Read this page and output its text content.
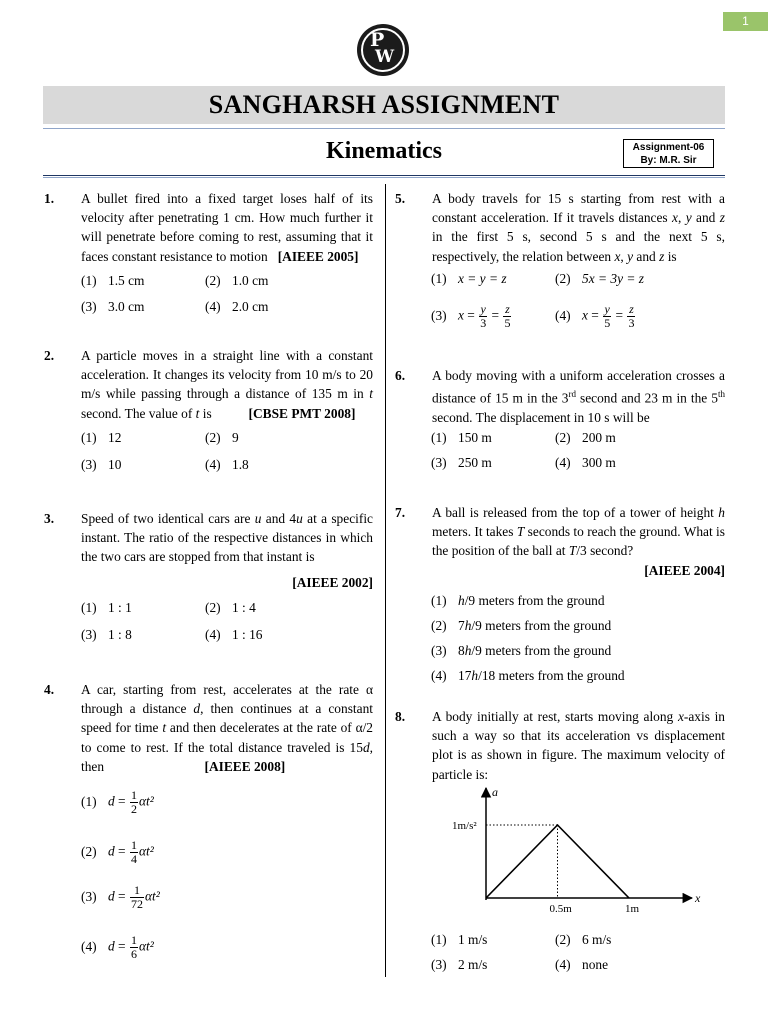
1
P
W
SANGHARSH ASSIGNMENT
Kinematics	Assignment-06
By: M.R. Sir
1. A bullet fired into a fixed target loses half of its velocity after penetrating 1 cm. How much further it will penetrate before coming to rest, assuming that it faces constant resistance to motion [AIEEE 2005]
(1) 1.5 cm	(2) 1.0 cm
(3) 3.0 cm	(4) 2.0 cm
2. A particle moves in a straight line with a constant acceleration. It changes its velocity from 10 m/s to 20 m/s while passing through a distance of 135 m in t second. The value of t is	[CBSE PMT 2008]
(1) 12	(2) 9
(3) 10	(4) 1.8
3. Speed of two identical cars are u and 4u at a specific instant. The ratio of the respective distances in which the two cars are stopped from that instant is
[AIEEE 2002]
(1) 1 : 1	(2) 1 : 4
(3) 1 : 8	(4) 1 : 16
4. A car, starting from rest, accelerates at the rate α through a distance d, then continues at a constant speed for time t and then decelerates at the rate of α/2 to come to rest. If the total distance traveled is 15d, then	[AIEEE 2008]
(1) $d = \frac{1}{2} \alpha t^2$
(2) $d = \frac{1}{4} \alpha t^2$
(3) $d = \frac{1}{72} \alpha t^2$
(4) $d = \frac{1}{6} \alpha t^2$
5. A body travels for 15 s starting from rest with a constant acceleration. If it travels distances x, y and z in the first 5 s, second 5 s and the next 5 s, respectively, the relation between x, y and z is
(1) x = y = z	(2) 5x = 3y = z
(3) $x = \frac{y}{3} = \frac{z}{5}$	(4) $x = \frac{y}{5} = \frac{z}{3}$
6. A body moving with a uniform acceleration crosses a distance of 15 m in the 3rd second and 23 m in the 5th second. The displacement in 10 s will be
(1) 150 m	(2) 200 m
(3) 250 m	(4) 300 m
7. A ball is released from the top of a tower of height h meters. It takes T seconds to reach the ground. What is the position of the ball at T/3 second?
[AIEEE 2004]
(1) h/9 meters from the ground
(2) 7h/9 meters from the ground
(3) 8h/9 meters from the ground
(4) 17h/18 meters from the ground
8. A body initially at rest, starts moving along x-axis in such a way so that its acceleration vs displacement plot is as shown in figure. The maximum velocity of particle is:
a
x
1m/s²
0.5m	1m
(1) 1 m/s	(2) 6 m/s
(3) 2 m/s	(4) none
